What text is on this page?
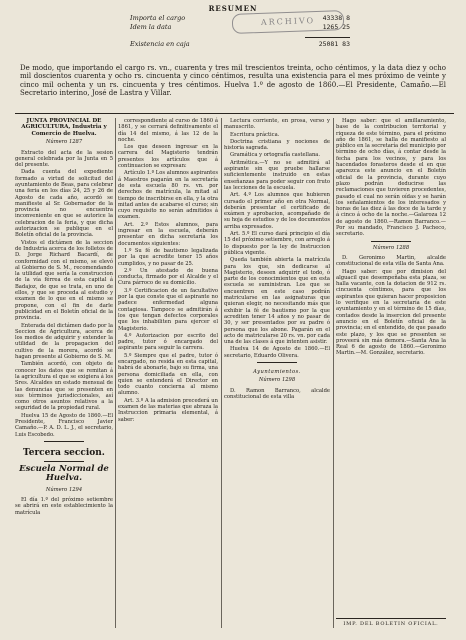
RESUMEN
Importa el cargo	43338 8
Idem la data	1265 25
Existencia en caja	25081 83
ARCHIVO
De modo, que importando el cargo rs. vn., cuarenta y tres mil trescientos treinta, ocho céntimos, y la data diez y ocho mil doscientos cuarenta y ocho rs. cincuenta y cinco céntimos, resulta una existencia para el mes próximo de veinte y cinco mil ochenta y un rs. cincuenta y tres céntimos. Huelva 1.º de agosto de 1860.—El Presidente, Camaño.—El Secretario interino, José de Lastra y Villar.
JUNTA PROVINCIAL DE AGRICULTURA, Industria y Comercio de Huelva.
Número 1287

Extracto del acta de la sesion general celebrada por la Junta en 5 del presente.

Dada cuenta del expediente formado a virtud de solicitud del ayuntamiento de Beas, para celebrar una feria en los días 24, 25 y 26 de Agosto de cada año, acordó se manifieste al Sr. Gobernador de la provincia no encuentra inconveniente en que se autorice la celebracion de la feria, y que dicha autorizacion se publique en el Boletín oficial de la provincia.

Vistos el dictámen de la seccion de Industria acerca de los folletos de D. Jorge Richard Bacardí, de conformidad con el mismo, se elevó al Gobierno de S. M., recomendando la utilidad que sería la construccion de la vía férrea de esta capital á Badajoz, de que se trata, en uno de ellos, y que se proceda al estudio y examen de lo que en el mismo se propone, con el fin de darle publicidad en el Boletín oficial de la provincia.

Enterada del dictámen dado por la Seccion de Agricultura, acerca de los medios de adquirir y extender la utilidad de la propagacion del cultivo de la morera, acordó se hagan presente al Gobierno de S. M.

También acordó, con objeto de conocer los datos que se remitan á la agricultura el que se exigiera á los Sres. Alcaldes un estado mensual de las denuncias que se presenten en sus términos jurisdiccionales, así como otros asuntos relativos a la seguridad de la propiedad rural.

Huelva 15 de Agosto de 1860.—El Presidente, Francisco Javier Camaño.—P. A. D. L. J., el secretario, Luis Escobedo.

Tercera seccion.
Escuela Normal de Huelva.
Número 1294

El día 1.º del próximo setiembre se abrirá en este establecimiento la matrícula

correspondiente al curso de 1860 á 1861, y se cerrará definitivamente el día 14 del mismo, á las 12 de la noche.

Los que deseen ingresar en la carrera del Magisterio tendrán presentes los artículos que á continuacion se expresan:

Artículo 1.º Los alumnos aspirantes á Maestros pagarán en la secretaría de esta escuela 80 rs. vn. por derechos de matrícula, la mitad al tiempo de inscribirse en ella, y la otra mitad antes de acabarse el curso; sin cuyo requisito no serán admitidos á examen.

Art. 2.º Estos alumnos, para ingresar en la escuela, deberán presentar en dicha secretaría los documentos siguientes:

1.º Su fé de bautismo legalizada por la que acredite tener 15 años cumplidos, y no pasar de 25.

2.º Un atestado de buena conducta, firmado por el Alcalde y el Cura párroco de su domicilio.

3.º Certificacion de un facultativo por la que conste que el aspirante no padece enfermedad alguna contagiosa. Tampoco se admitirán á los que tengan defectos corporales que los inhabiliten para ejercer el Magisterio.

4.º Autorizacion por escrito del padre, tutor ó encargado del aspirante para seguir la carrera.

5.º Siempre que el padre, tutor ó encargado, no resida en esta capital, habrá de abonarle, bajo su firma, una persona domiciliada en ella, con quien se entenderá el Director en todo cuanto concierna al mismo alumno.

Art. 3.º A la admision precederá un examen de las materias que abraza la Instruccion primaria elemental, á saber:

Lectura corriente, en prosa, verso y manuscrito.

Escritura práctica.

Doctrina cristiana y nociones de historia sagrada.

Gramática y ortografía castellana.

Aritmética.—Y no se admitirá al aspirante sin que pruebe hallarse suficientemente instruido en estas enseñanzas para poder seguir con fruto las lecciones de la escuela.

Art. 4.º Los alumnos que hubieren cursado el primer año en otra Normal, deberán presentar el certificado de exámen y aprobacion, acompañado de su hoja de estudios y de los documentos arriba expresados.

Art. 5.º El curso dará principio el día 15 del próximo setiembre, con arreglo á lo dispuesto por la ley de Instruccion pública vigente.

Queda también abierta la matrícula para los que, sin dedicarse al Magisterio, deseen adquirir el todo, ó parte de los conocimientos que en esta escuela se suministran. Los que se encuentren en este caso podrán matricularse en las asignaturas que quieran elegir, no necesitando más que exhibir la fé de bautismo por la que acrediten tener 14 años y no pasar de 30, y ser presentados por su padre ó persona que los abone. Pagarán en el acto de matricularse 20 rs. vn. por cada una de las clases á que intenten asistir.

Huelva 14 de Agosto de 1860.—El secretario, Eduardo Olivera.

Ayuntamientos.
Número 1298

D. Ramon Barranco, alcalde constitucional de esta villa

Hago saber: que el amillaramiento, base de la contribucion territorial y riqueza de este término, para el próximo año de 1861, se halla de manifiesto al público en la secretaría del municipio por término de ocho días, á contar desde la fecha para los vecinos, y para los hacendados forasteros desde el en que aparezca este anuncio en el Boletín oficial de la provincia, durante cuyo plazo podrán deducirse las reclamaciones que tuvieren procedentes, pasado el cual no serán oídas y se harán los señalamientos de los interesados y horas de las diez á las doce de la tarde y á cinco á ocho de la noche.—Galaroza 12 de agosto de 1860.—Ramon Barranco.—Por su mandado, Francisco J. Pacheco, secretario.

Número 1288

D. Geronimo Martin, alcalde constitucional de esta villa de Santa Ana.

Hago saber: que por dimision del alguacil que desempeñaba esta plaza, se halla vacante, con la dotacion de 912 rs. cincuenta céntimos, para que los aspirantes que quieran hacer proposicion lo verifique en la secretaría de este ayuntamiento y en el término de 15 días, contados desde la insercion del presente anuncio en el Boletín oficial de la provincia; en el entendido, de que pasado este plazo, y los que se presenten se proveerá sin más demora.—Santa Ana la Real 6 de agosto de 1860.—Geronimo Martin.—M. González, secretario.

IMP. DEL BOLETIN OFICIAL.
